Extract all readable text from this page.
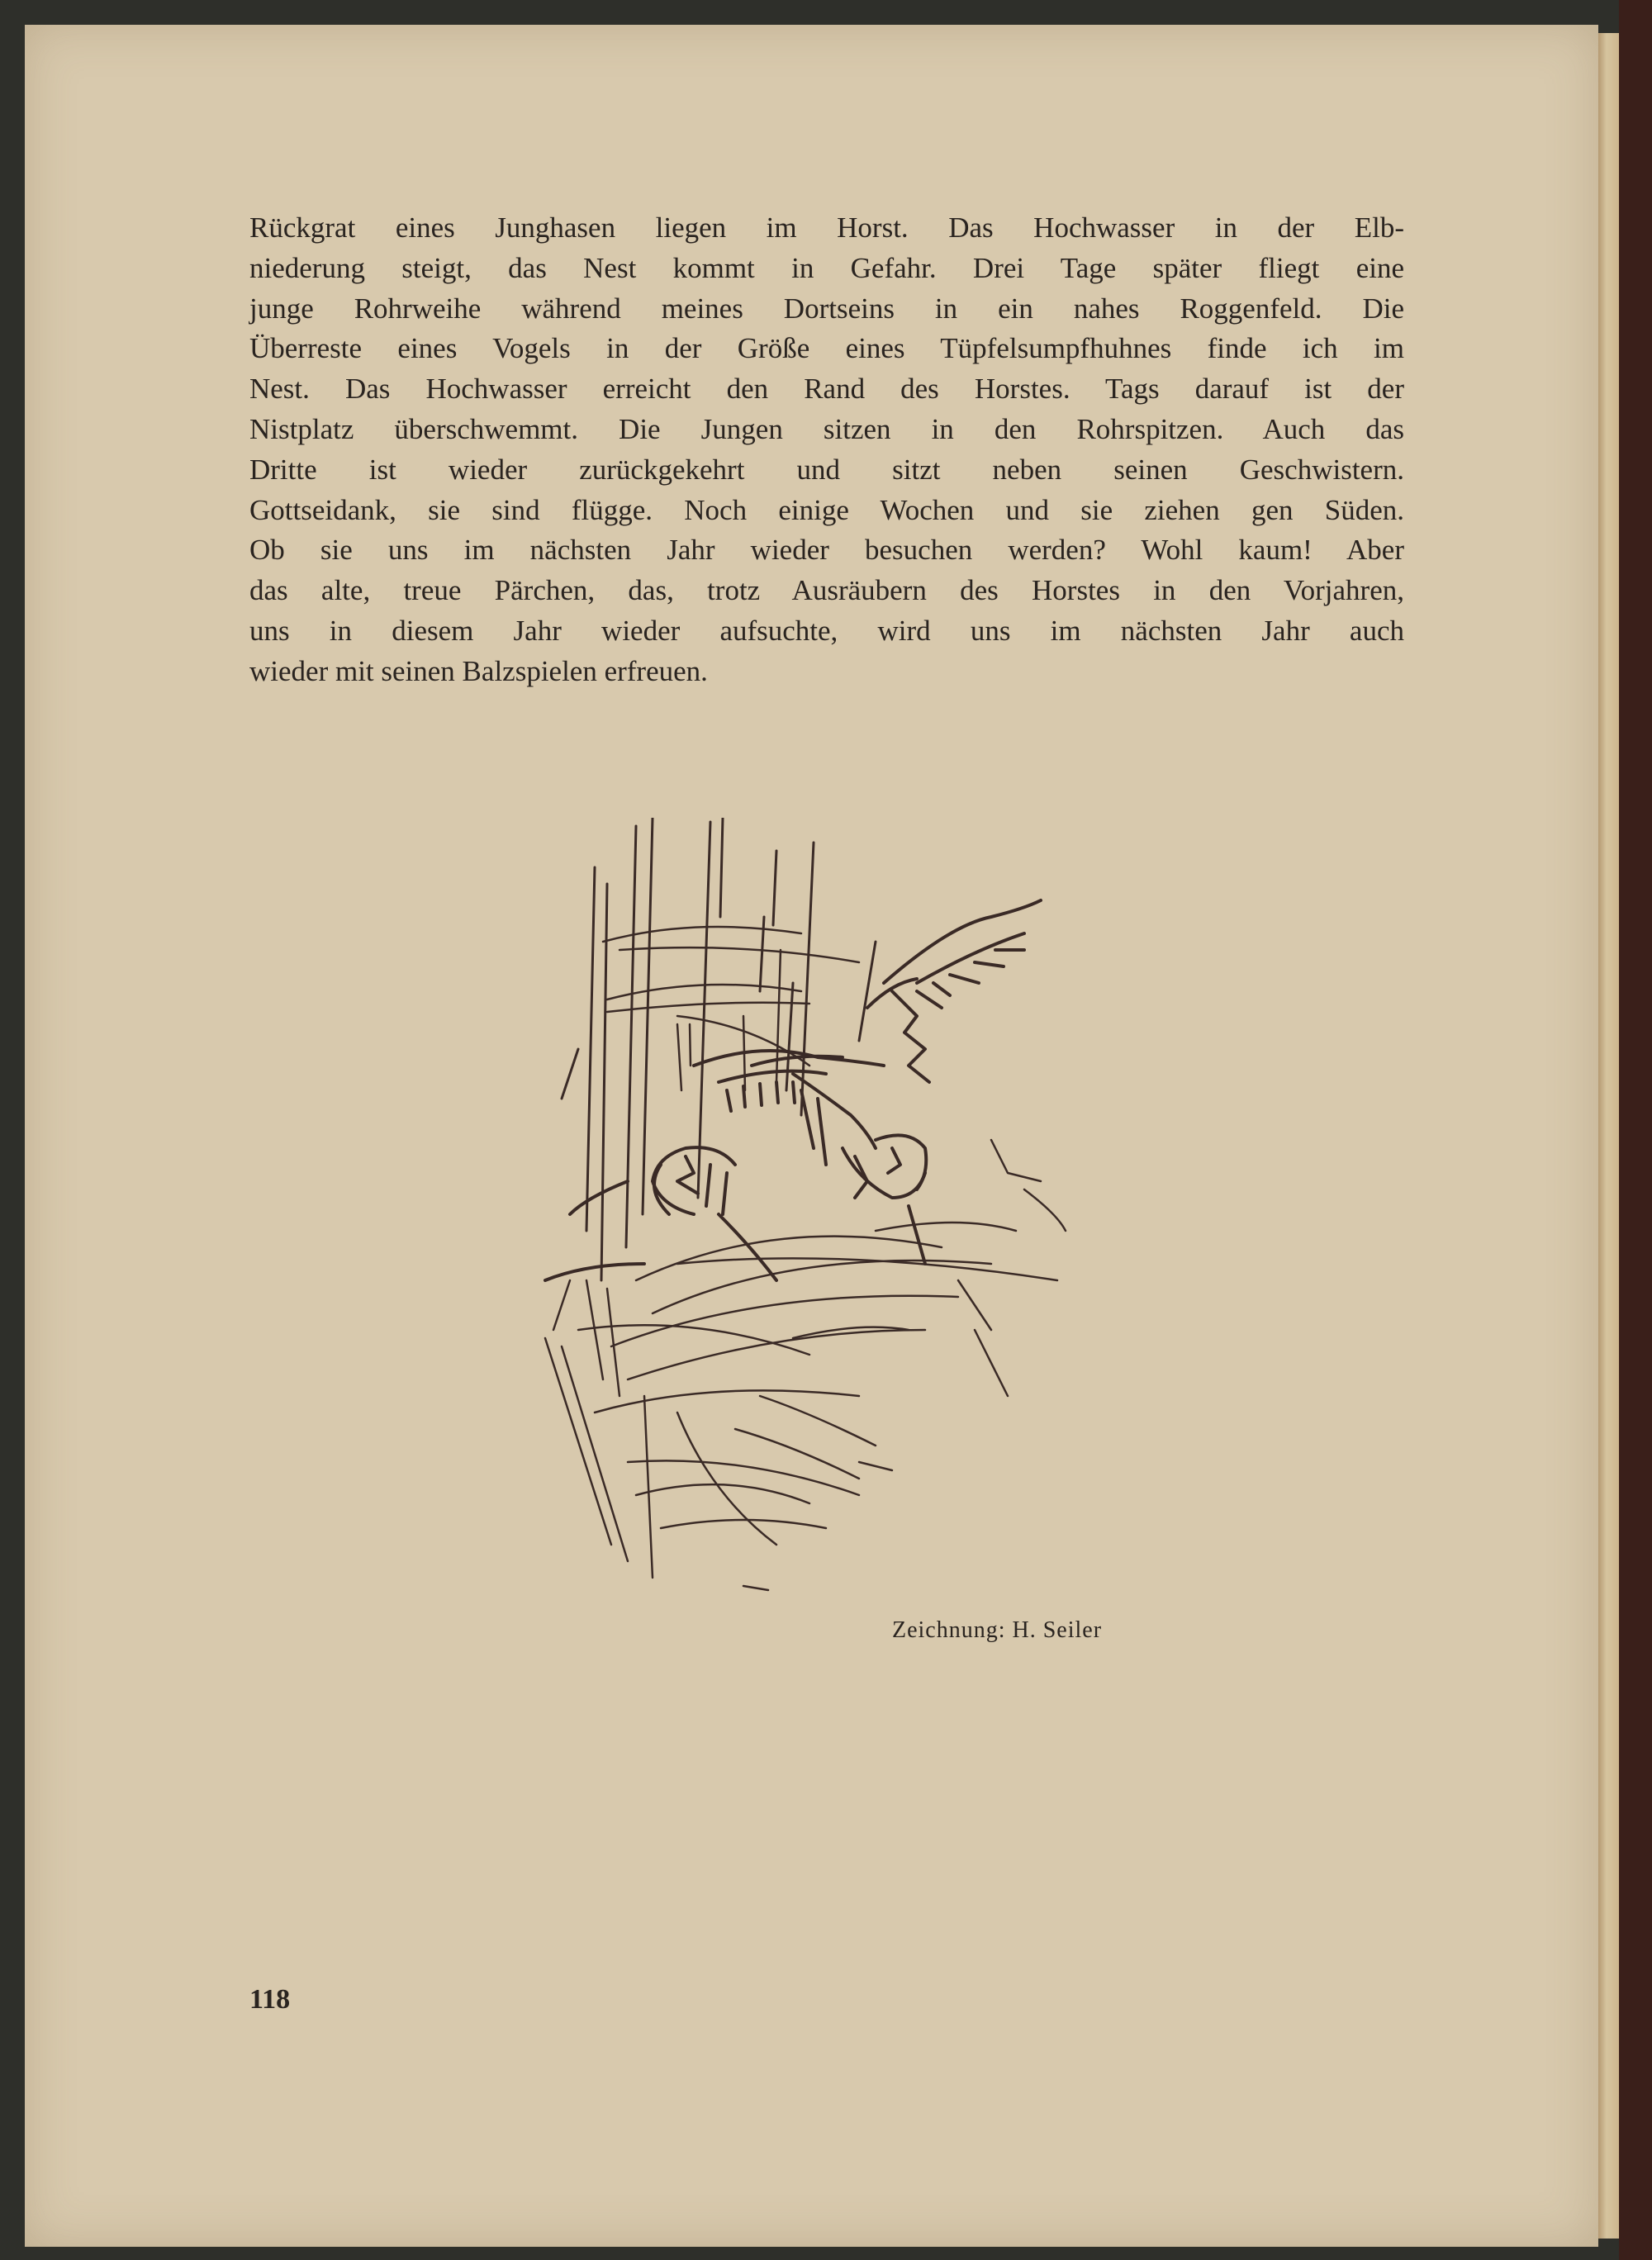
Rückgrat eines Junghasen liegen im Horst. Das Hochwasser in der Elb-
niederung steigt, das Nest kommt in Gefahr. Drei Tage später fliegt eine
junge Rohrweihe während meines Dortseins in ein nahes Roggenfeld. Die
Überreste eines Vogels in der Größe eines Tüpfelsumpfhuhnes finde ich im
Nest. Das Hochwasser erreicht den Rand des Horstes. Tags darauf ist der
Nistplatz überschwemmt. Die Jungen sitzen in den Rohrspitzen. Auch das
Dritte ist wieder zurückgekehrt und sitzt neben seinen Geschwistern.
Gottseidank, sie sind flügge. Noch einige Wochen und sie ziehen gen Süden.
Ob sie uns im nächsten Jahr wieder besuchen werden? Wohl kaum! Aber
das alte, treue Pärchen, das, trotz Ausräubern des Horstes in den Vorjahren,
uns in diesem Jahr wieder aufsuchte, wird uns im nächsten Jahr auch
wieder mit seinen Balzspielen erfreuen.

Zeichnung: H. Seiler
118
